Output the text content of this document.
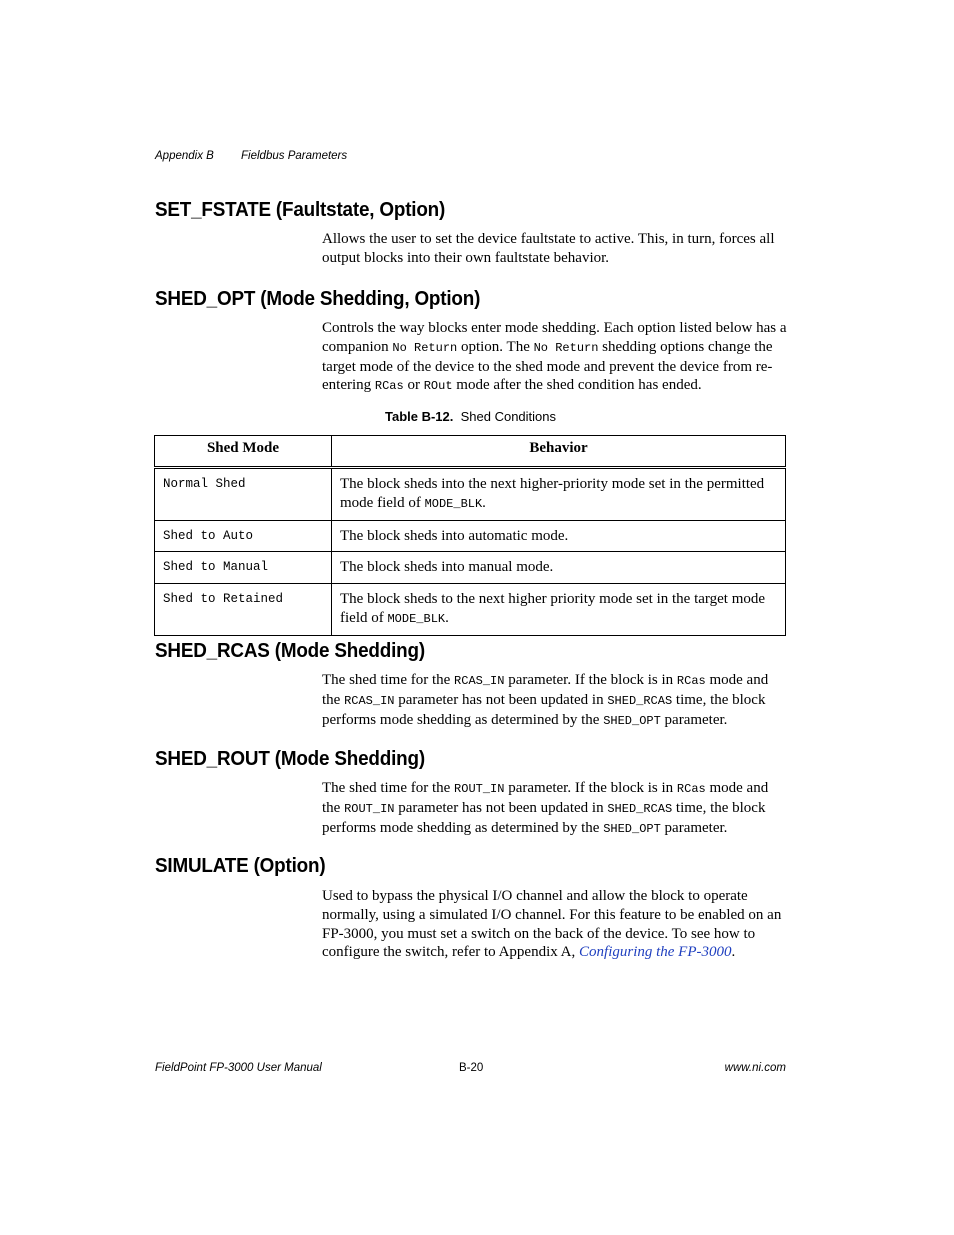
Appendix B Fieldbus Parameters
SET_FSTATE (Faultstate, Option)

Allows the user to set the device faultstate to active. This, in turn, forces all output blocks into their own faultstate behavior.

SHED_OPT (Mode Shedding, Option)

Controls the way blocks enter mode shedding. Each option listed below has a companion No Return option. The No Return shedding options change the target mode of the device to the shed mode and prevent the device from re-entering RCas or ROut mode after the shed condition has ended.

Table B-12. Shed Conditions
Shed Mode	Behavior
Normal Shed	The block sheds into the next higher-priority mode set in the permitted mode field of MODE_BLK.
Shed to Auto	The block sheds into automatic mode.
Shed to Manual	The block sheds into manual mode.
Shed to Retained	The block sheds to the next higher priority mode set in the target mode field of MODE_BLK.
SHED_RCAS (Mode Shedding)

The shed time for the RCAS_IN parameter. If the block is in RCas mode and the RCAS_IN parameter has not been updated in SHED_RCAS time, the block performs mode shedding as determined by the SHED_OPT parameter.

SHED_ROUT (Mode Shedding)

The shed time for the ROUT_IN parameter. If the block is in RCas mode and the ROUT_IN parameter has not been updated in SHED_RCAS time, the block performs mode shedding as determined by the SHED_OPT parameter.

SIMULATE (Option)

Used to bypass the physical I/O channel and allow the block to operate normally, using a simulated I/O channel. For this feature to be enabled on an FP-3000, you must set a switch on the back of the device. To see how to configure the switch, refer to Appendix A, Configuring the FP-3000.

FieldPoint FP-3000 User Manual	B-20	www.ni.com
